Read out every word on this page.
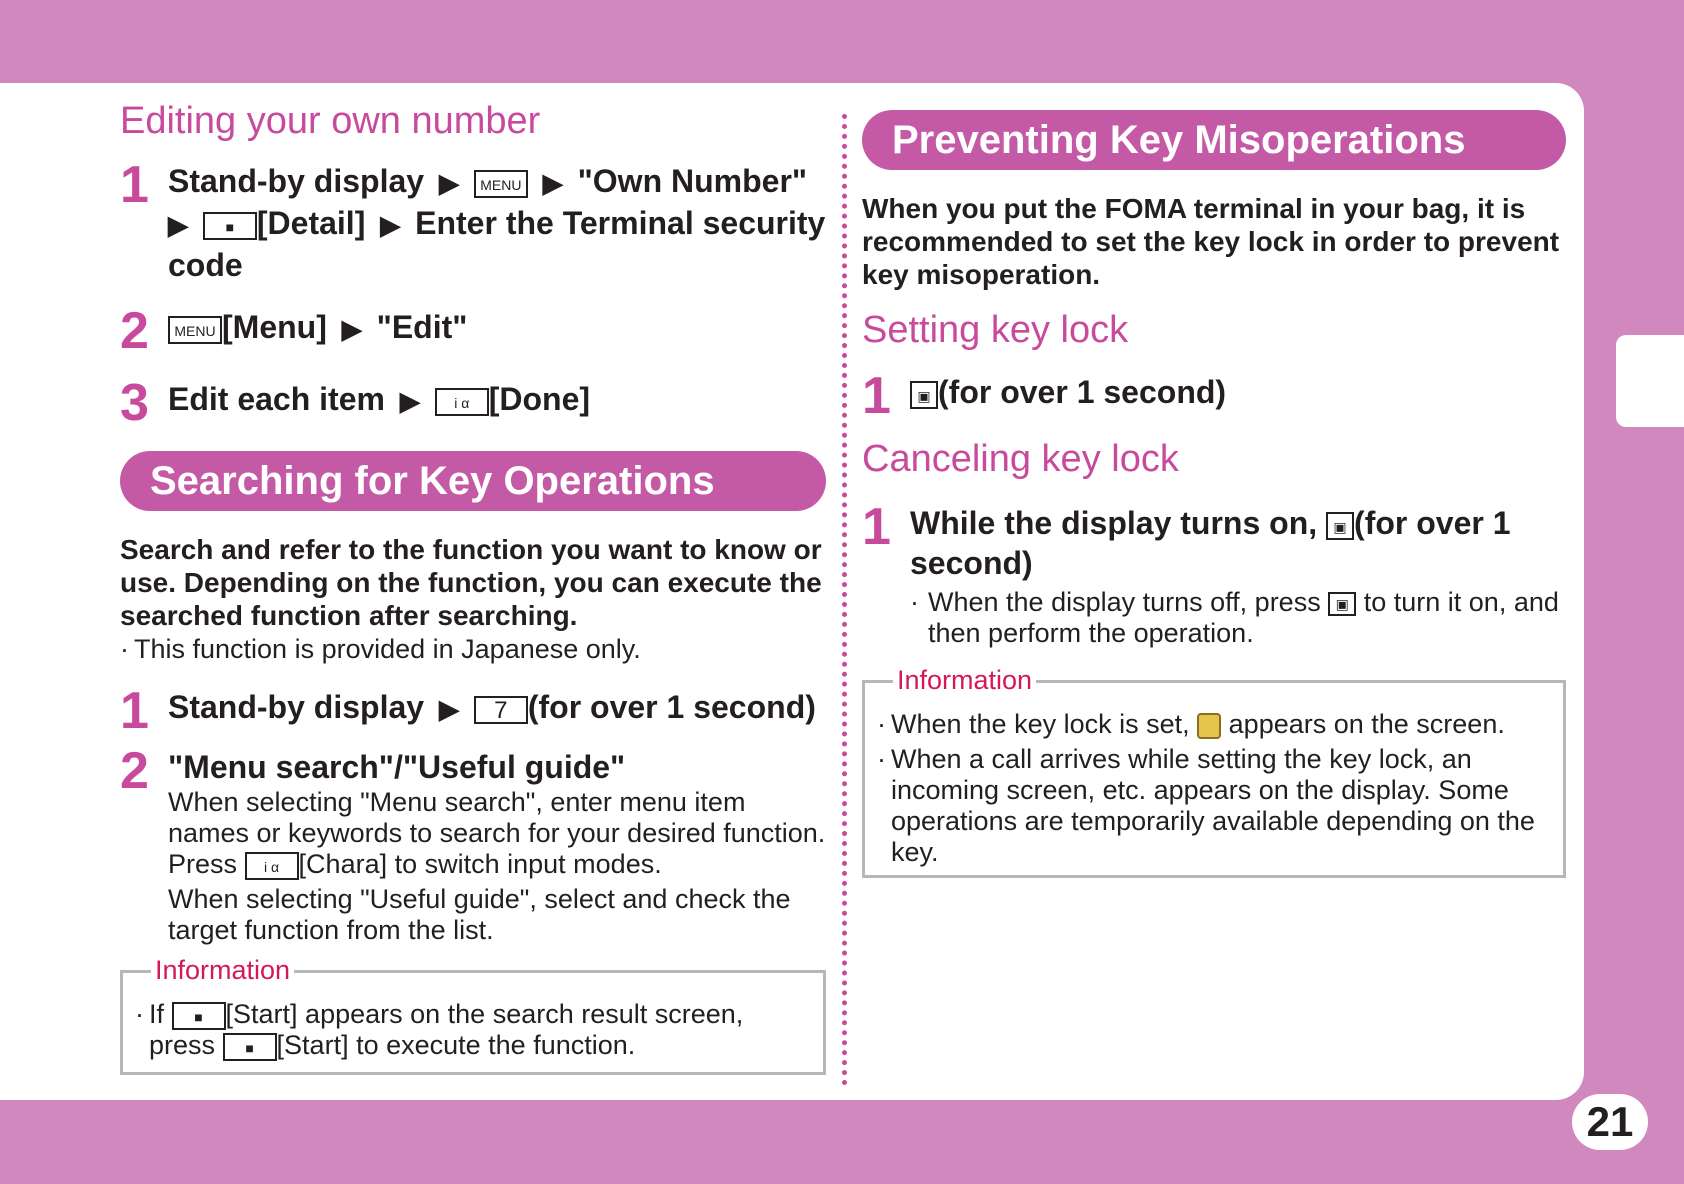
21
Editing your own number
1 Stand-by display ▶ MENU ▶ "Own Number"
▶	■ [Detail] ▶ Enter the Terminal security code
2	MENU [Menu] ▶ "Edit"
3 Edit each item ▶ i α [Done]
Searching for Key Operations
Search and refer to the function you want to know or use. Depending on the function, you can execute the searched function after searching.
· This function is provided in Japanese only.
1 Stand-by display ▶ 7 (for over 1 second)
2 "Menu search"/"Useful guide"
When selecting "Menu search", enter menu item names or keywords to search for your desired function. Press i α [Chara] to switch input modes.
When selecting "Useful guide", select and check the target function from the list.
Information
· If ■ [Start] appears on the search result screen,
press ■ [Start] to execute the function.
Preventing Key Misoperations
When you put the FOMA terminal in your bag, it is recommended to set the key lock in order to prevent key misoperation.
Setting key lock
1	▣ (for over 1 second)
Canceling key lock
1 While the display turns on, ▣ (for over 1 second)
· When the display turns off, press ▣ to turn it on, and then perform the operation.
Information
· When the key lock is set, appears on the screen.
· When a call arrives while setting the key lock, an incoming screen, etc. appears on the display. Some operations are temporarily available depending on the key.
